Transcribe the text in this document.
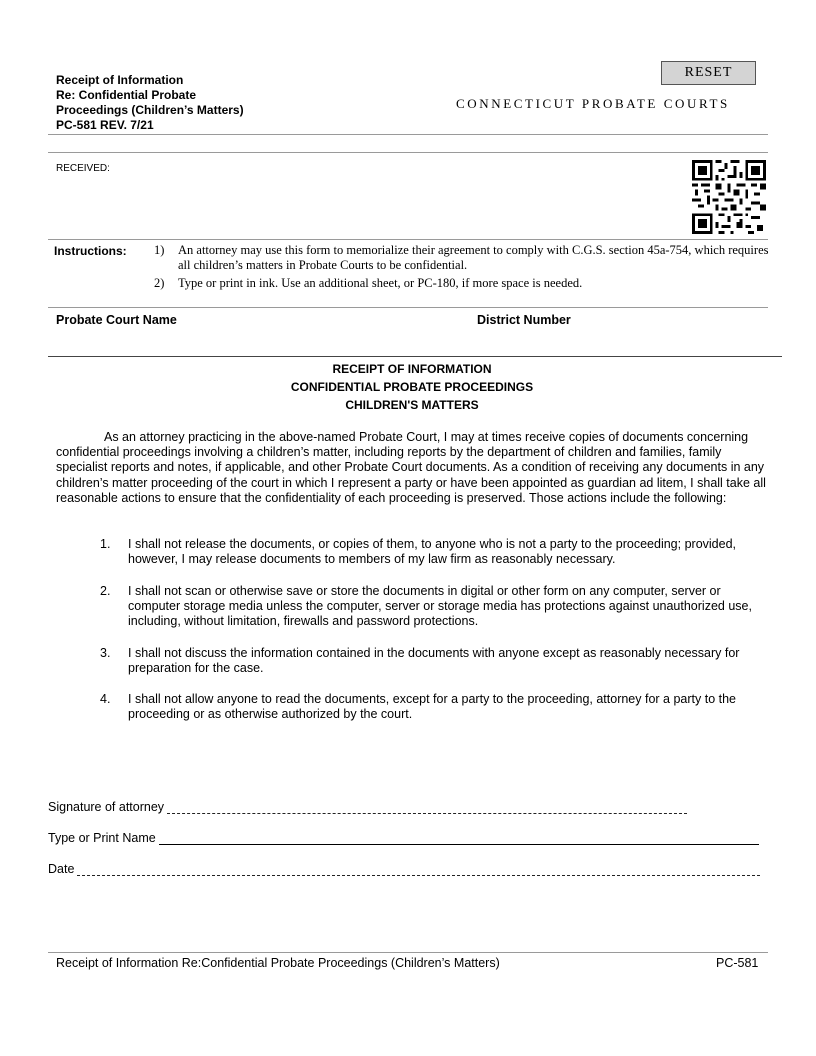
Receipt of Information
Re: Confidential Probate
Proceedings (Children’s Matters)
PC-581 REV. 7/21
RESET
CONNECTICUT PROBATE COURTS
RECEIVED:
Instructions: 1) An attorney may use this form to memorialize their agreement to comply with C.G.S. section 45a-754, which requires all children’s matters in Probate Courts to be confidential.
2) Type or print in ink. Use an additional sheet, or PC-180, if more space is needed.
Probate Court Name	District Number
RECEIPT OF INFORMATION
CONFIDENTIAL PROBATE PROCEEDINGS
CHILDREN'S MATTERS
As an attorney practicing in the above-named Probate Court, I may at times receive copies of documents concerning confidential proceedings involving a children’s matter, including reports by the department of children and families, family specialist reports and notes, if applicable, and other Probate Court documents. As a condition of receiving any documents in any children’s matter proceeding of the court in which I represent a party or have been appointed as guardian ad litem, I shall take all reasonable actions to ensure that the confidentiality of each proceeding is preserved. Those actions include the following:
1. I shall not release the documents, or copies of them, to anyone who is not a party to the proceeding; provided, however, I may release documents to members of my law firm as reasonably necessary.
2. I shall not scan or otherwise save or store the documents in digital or other form on any computer, server or computer storage media unless the computer, server or storage media has protections against unauthorized use, including, without limitation, firewalls and password protections.
3. I shall not discuss the information contained in the documents with anyone except as reasonably necessary for preparation for the case.
4. I shall not allow anyone to read the documents, except for a party to the proceeding, attorney for a party to the proceeding or as otherwise authorized by the court.
Signature of attorney
Type or Print Name
Date
Receipt of Information Re:Confidential Probate Proceedings (Children’s Matters)	PC-581
